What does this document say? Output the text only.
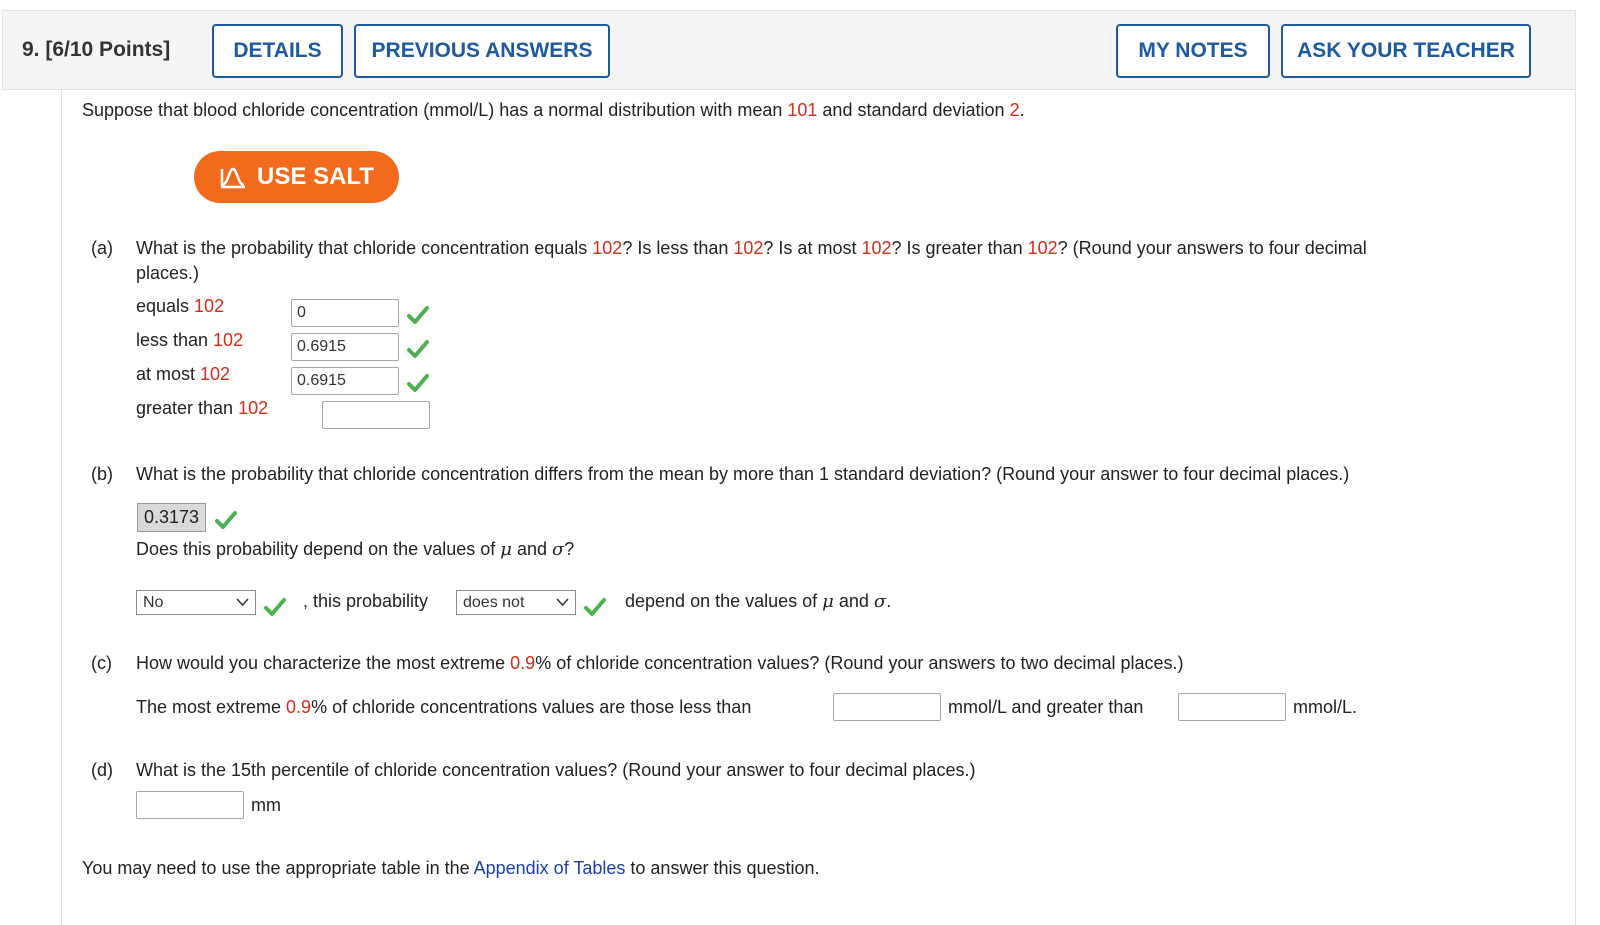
9. [6/10 Points]	DETAILS	PREVIOUS ANSWERS	MY NOTES	ASK YOUR TEACHER
Suppose that blood chloride concentration (mmol/L) has a normal distribution with mean 101 and standard deviation 2.
USE SALT
(a) What is the probability that chloride concentration equals 102? Is less than 102? Is at most 102? Is greater than 102? (Round your answers to four decimal
places.)
equals 102
0
less than 102
0.6915
at most 102
0.6915
greater than 102
(b) What is the probability that chloride concentration differs from the mean by more than 1 standard deviation? (Round your answer to four decimal places.)
0.3173
Does this probability depend on the values of μ and σ?
No	, this probability does not	depend on the values of μ and σ.
(c) How would you characterize the most extreme 0.9% of chloride concentration values? (Round your answers to two decimal places.)
The most extreme 0.9% of chloride concentrations values are those less than	mmol/L and greater than	mmol/L.
(d) What is the 15th percentile of chloride concentration values? (Round your answer to four decimal places.)
mm
You may need to use the appropriate table in the Appendix of Tables to answer this question.
